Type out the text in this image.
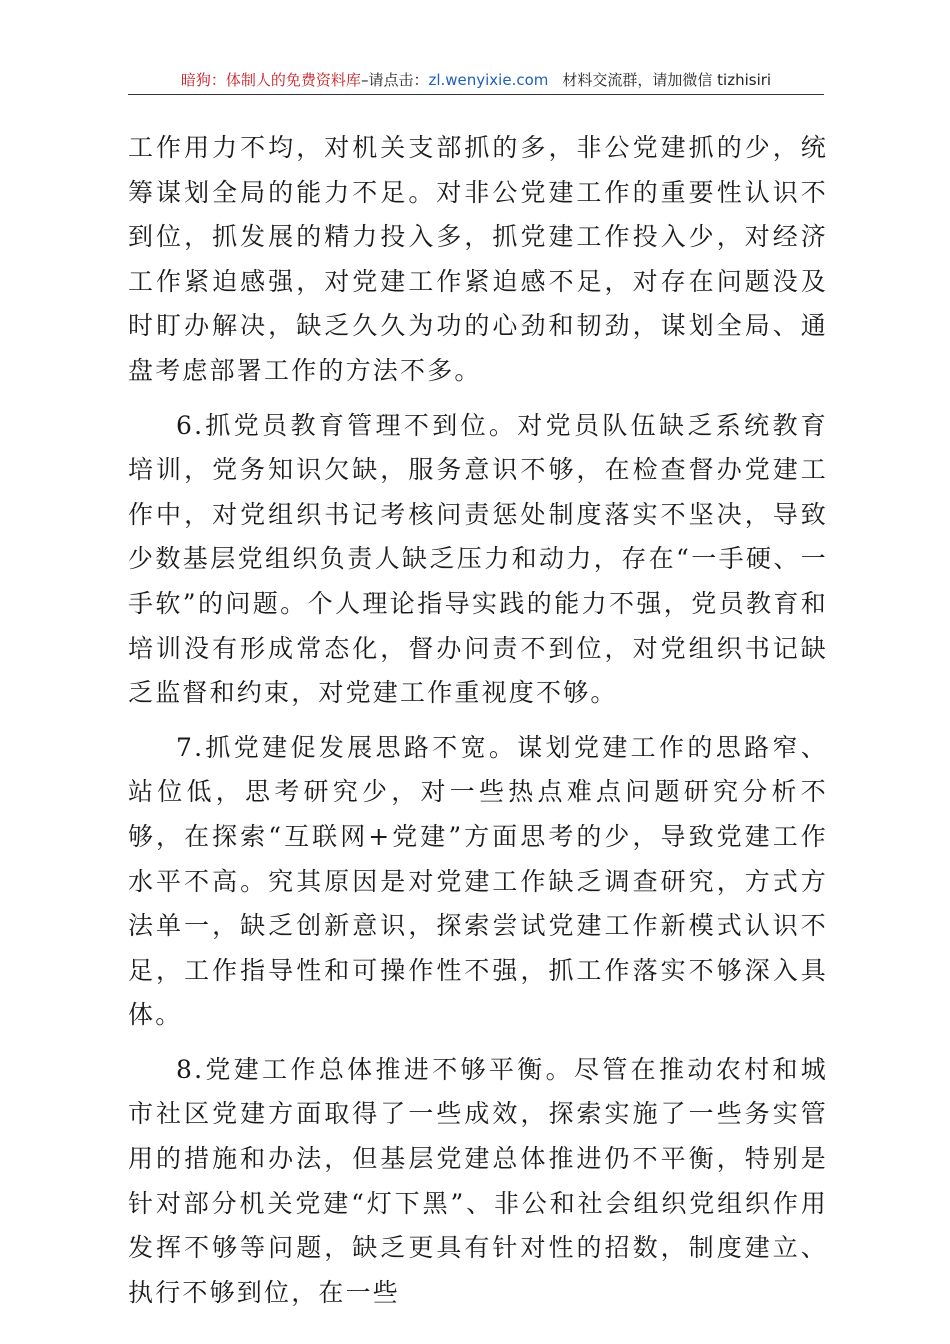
暗狗：体制人的免费资料库–请点击：zl.wenyixie.com 材料交流群，请加微信 tizhisiri

工作用力不均，对机关支部抓的多，非公党建抓的少，统筹谋划全局的能力不足。对非公党建工作的重要性认识不到位，抓发展的精力投入多，抓党建工作投入少，对经济工作紧迫感强，对党建工作紧迫感不足，对存在问题没及时盯办解决，缺乏久久为功的心劲和韧劲，谋划全局、通盘考虑部署工作的方法不多。

6.抓党员教育管理不到位。对党员队伍缺乏系统教育培训，党务知识欠缺，服务意识不够，在检查督办党建工作中，对党组织书记考核问责惩处制度落实不坚决，导致少数基层党组织负责人缺乏压力和动力，存在“一手硬、一手软”的问题。个人理论指导实践的能力不强，党员教育和培训没有形成常态化，督办问责不到位，对党组织书记缺乏监督和约束，对党建工作重视度不够。

7.抓党建促发展思路不宽。谋划党建工作的思路窄、站位低，思考研究少，对一些热点难点问题研究分析不够，在探索“互联网+党建”方面思考的少，导致党建工作水平不高。究其原因是对党建工作缺乏调查研究，方式方法单一，缺乏创新意识，探索尝试党建工作新模式认识不足，工作指导性和可操作性不强，抓工作落实不够深入具体。

8.党建工作总体推进不够平衡。尽管在推动农村和城市社区党建方面取得了一些成效，探索实施了一些务实管用的措施和办法，但基层党建总体推进仍不平衡，特别是针对部分机关党建“灯下黑”、非公和社会组织党组织作用发挥不够等问题，缺乏更具有针对性的招数，制度建立、执行不够到位，在一些
